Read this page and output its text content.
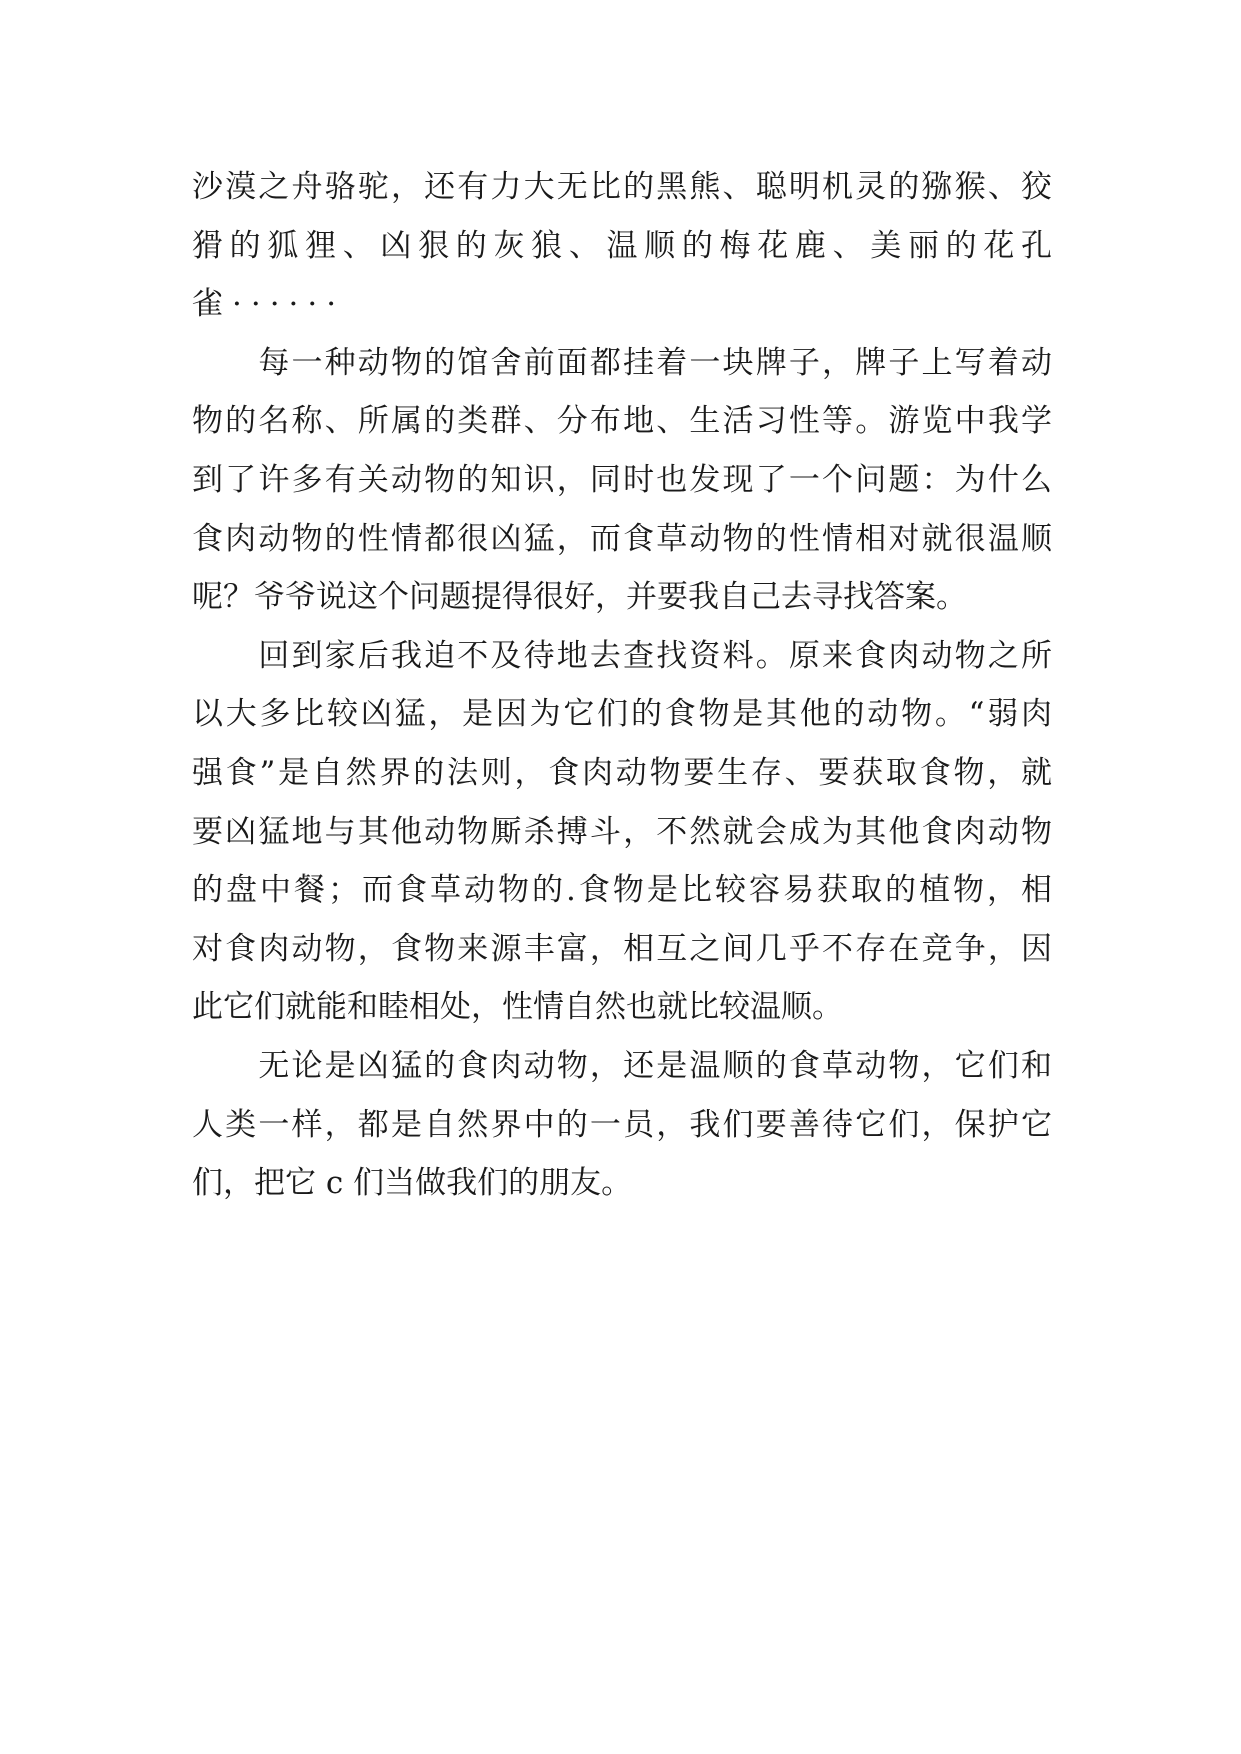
沙漠之舟骆驼，还有力大无比的黑熊、聪明机灵的猕猴、狡
猾的狐狸、凶狠的灰狼、温顺的梅花鹿、美丽的花孔
雀······
　　每一种动物的馆舍前面都挂着一块牌子，牌子上写着动
物的名称、所属的类群、分布地、生活习性等。游览中我学
到了许多有关动物的知识，同时也发现了一个问题：为什么
食肉动物的性情都很凶猛，而食草动物的性情相对就很温顺
呢？爷爷说这个问题提得很好，并要我自己去寻找答案。
　　回到家后我迫不及待地去查找资料。原来食肉动物之所
以大多比较凶猛，是因为它们的食物是其他的动物。“弱肉
强食”是自然界的法则，食肉动物要生存、要获取食物，就
要凶猛地与其他动物厮杀搏斗，不然就会成为其他食肉动物
的盘中餐；而食草动物的.食物是比较容易获取的植物，相
对食肉动物，食物来源丰富，相互之间几乎不存在竞争，因
此它们就能和睦相处，性情自然也就比较温顺。
　　无论是凶猛的食肉动物，还是温顺的食草动物，它们和
人类一样，都是自然界中的一员，我们要善待它们，保护它
们，把它 c 们当做我们的朋友。
